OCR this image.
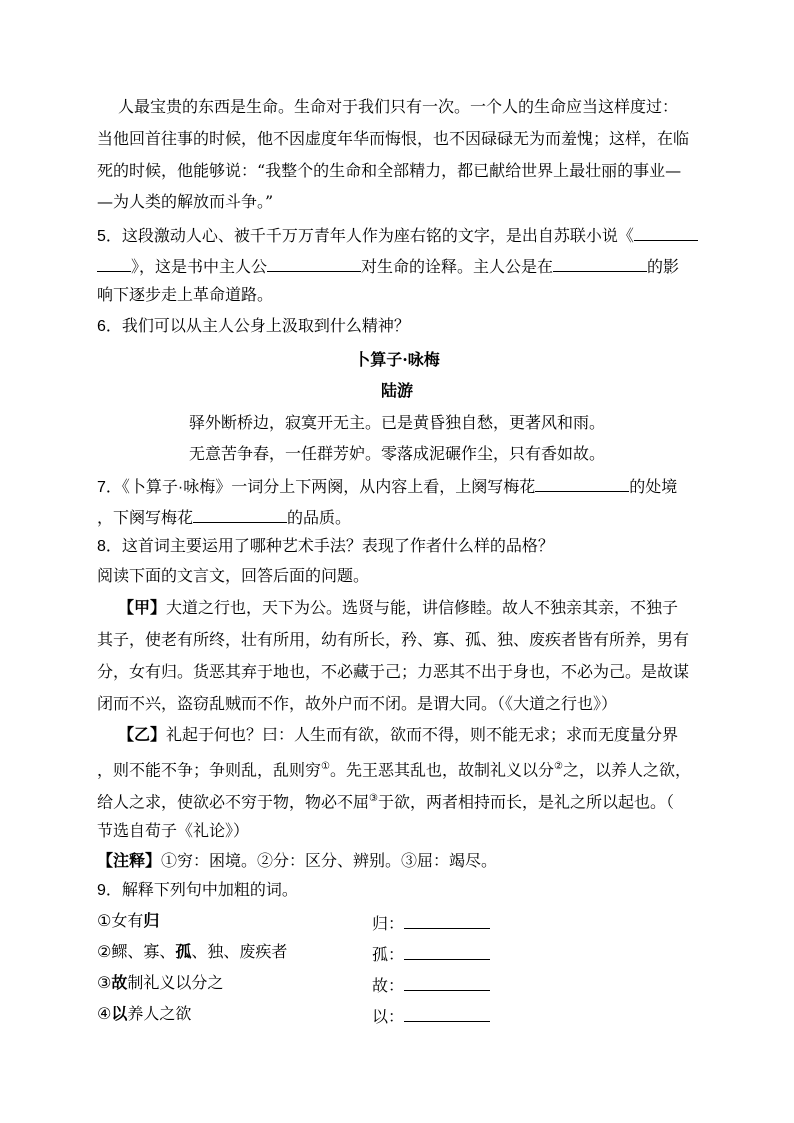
人最宝贵的东西是生命。生命对于我们只有一次。一个人的生命应当这样度过：
当他回首往事的时候，他不因虚度年华而悔恨，也不因碌碌无为而羞愧；这样，在临
死的时候，他能够说：“我整个的生命和全部精力，都已献给世界上最壮丽的事业—
—为人类的解放而斗争。”
5．这段激动人心、被千千万万青年人作为座右铭的文字，是出自苏联小说《
》，这是书中主人公	对生命的诠释。主人公是在	的影
响下逐步走上革命道路。
6．我们可以从主人公身上汲取到什么精神？
卜算子·咏梅
陆游
驿外断桥边，寂寞开无主。已是黄昏独自愁，更著风和雨。
无意苦争春，一任群芳妒。零落成泥碾作尘，只有香如故。
7．《卜算子·咏梅》一词分上下两阕，从内容上看，上阕写梅花	的处境
，下阕写梅花	的品质。
8．这首词主要运用了哪种艺术手法？表现了作者什么样的品格？
阅读下面的文言文，回答后面的问题。
【甲】大道之行也，天下为公。选贤与能，讲信修睦。故人不独亲其亲，不独子
其子，使老有所终，壮有所用，幼有所长，矜、寡、孤、独、废疾者皆有所养，男有
分，女有归。货恶其弃于地也，不必藏于己；力恶其不出于身也，不必为己。是故谋
闭而不兴，盗窃乱贼而不作，故外户而不闭。是谓大同。（《大道之行也》）
【乙】礼起于何也？曰：人生而有欲，欲而不得，则不能无求；求而无度量分界
，则不能不争；争则乱，乱则穷①。先王恶其乱也，故制礼义以分②之，以养人之欲，
给人之求，使欲必不穷于物，物必不屈③于欲，两者相持而长，是礼之所以起也。（
节选自荀子《礼论》）
【注释】①穷：困境。②分：区分、辨别。③屈：竭尽。
9．解释下列句中加粗的词。
①女有归	归：
②鳏、寡、孤、独、废疾者	孤：
③故制礼义以分之	故：
④以养人之欲	以：
